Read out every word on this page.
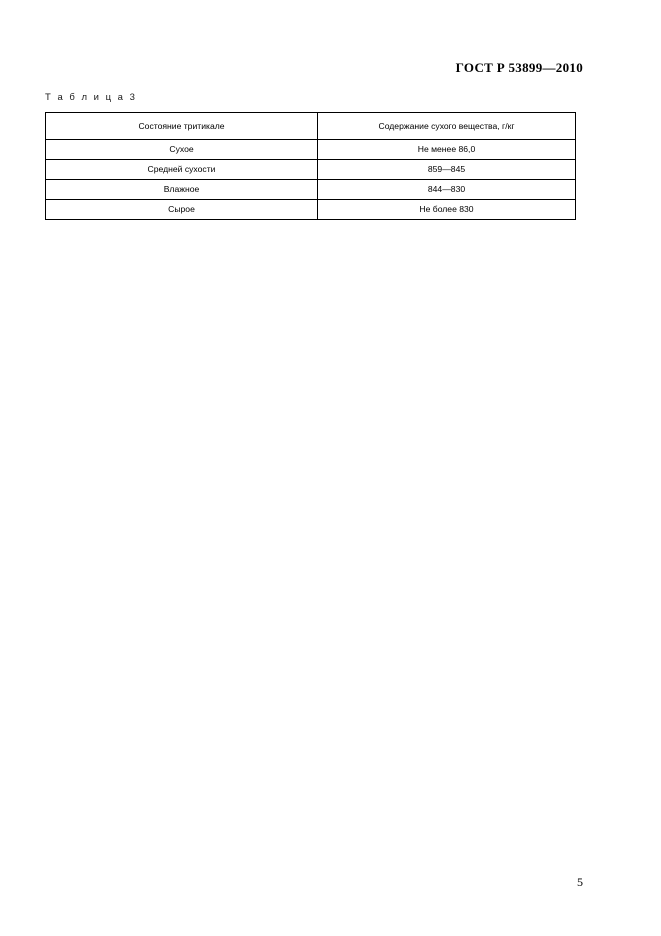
ГОСТ Р 53899—2010
Т а б л и ц а 3
Состояние тритикале	Содержание сухого вещества, г/кг
Сухое	Не менее 86,0
Средней сухости	859—845
Влажное	844—830
Сырое	Не более 830
5
